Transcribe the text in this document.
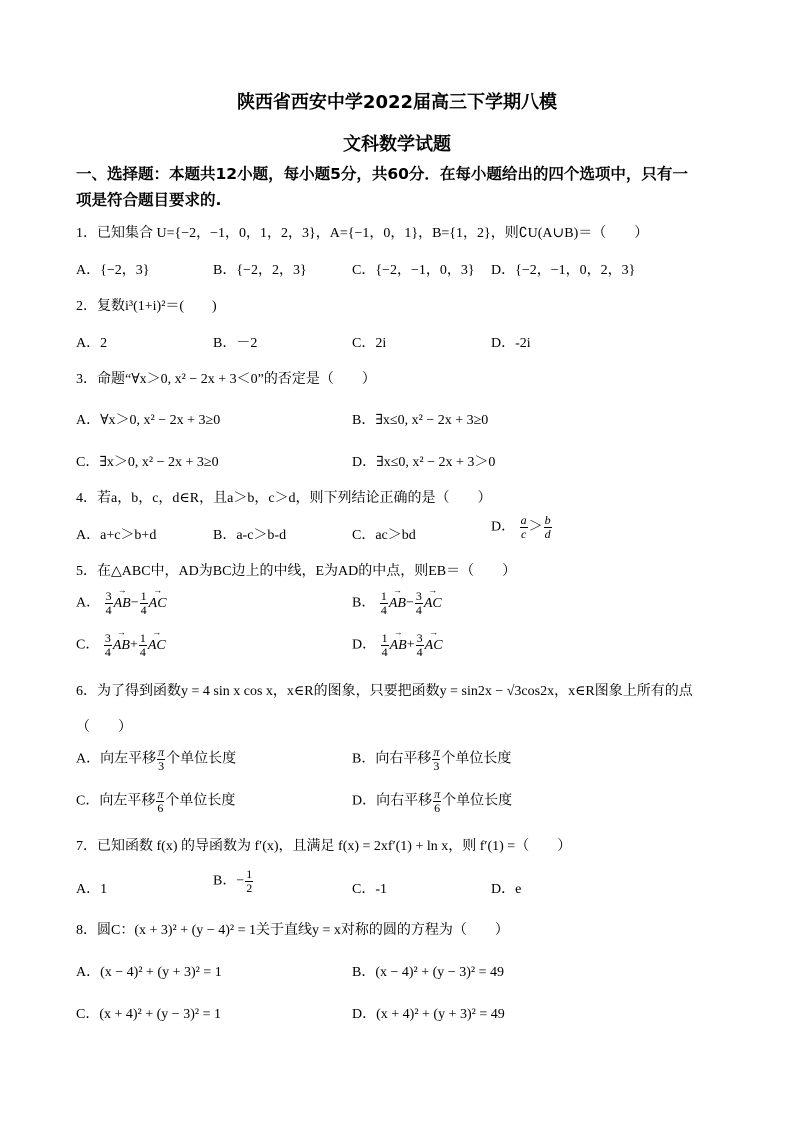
陕西省西安中学2022届高三下学期八模
文科数学试题
一、选择题：本题共12小题，每小题5分，共60分．在每小题给出的四个选项中，只有一
项是符合题目要求的.
1．已知集合 U={−2，−1，0，1，2，3}，A={−1，0，1}，B={1，2}，则∁U(A∪B)＝（　　）
A．{−2，3}	B．{−2，2，3}	C．{−2，−1，0，3} D．{−2，−1，0，2，3}
2．复数i³(1+i)²＝(　　)
A．2	B．－2	C．2i	D．-2i
3．命题“∀x＞0, x² − 2x + 3＜0”的否定是（　　）
A．∀x＞0, x² − 2x + 3≥0	B．∃x≤0, x² − 2x + 3≥0
C．∃x＞0, x² − 2x + 3≥0	D．∃x≤0, x² − 2x + 3＞0
4．若a，b，c，d∈R，且a＞b，c＞d，则下列结论正确的是（　　）
A．a+c＞b+d	B．a-c＞b-d	C．ac＞bd
D． $\frac{a}{c} > \frac{b}{d}$
5．在△ABC中，AD为BC边上的中线，E为AD的中点，则EB＝（　　）
A． $\frac{3}{4}$
→ $AB- \frac{1}{4}$
→ AC	B． $\frac{1}{4}$
→ $AB- \frac{3}{4}$
→ AC
C． $\frac{3}{4}$
→ $AB+ \frac{1}{4}$
→ AC	D． $\frac{1}{4}$
→ $AB+ \frac{3}{4}$
→ AC
6．为了得到函数y = 4 sin x cos x，x∈R的图象，只要把函数y = sin2x − √3cos2x，x∈R图象上所有的点
（　　）
A．向左平移 $\frac{\pi}{3}$ 个单位长度	B．向右平移 $\frac{\pi}{3}$ 个单位长度
C．向左平移 $\frac{\pi}{6}$ 个单位长度	D．向右平移 $\frac{\pi}{6}$ 个单位长度
7．已知函数 f(x) 的导函数为 f′(x)，且满足 f(x) = 2xf′(1) + ln x，则 f′(1) =（　　）
A．1
B．− $\frac{1}{2}$	C．-1	D．e
8．圆C：(x + 3)² + (y − 4)² = 1关于直线y = x对称的圆的方程为（　　）
A．(x − 4)² + (y + 3)² = 1	B．(x − 4)² + (y − 3)² = 49
C．(x + 4)² + (y − 3)² = 1	D．(x + 4)² + (y + 3)² = 49
